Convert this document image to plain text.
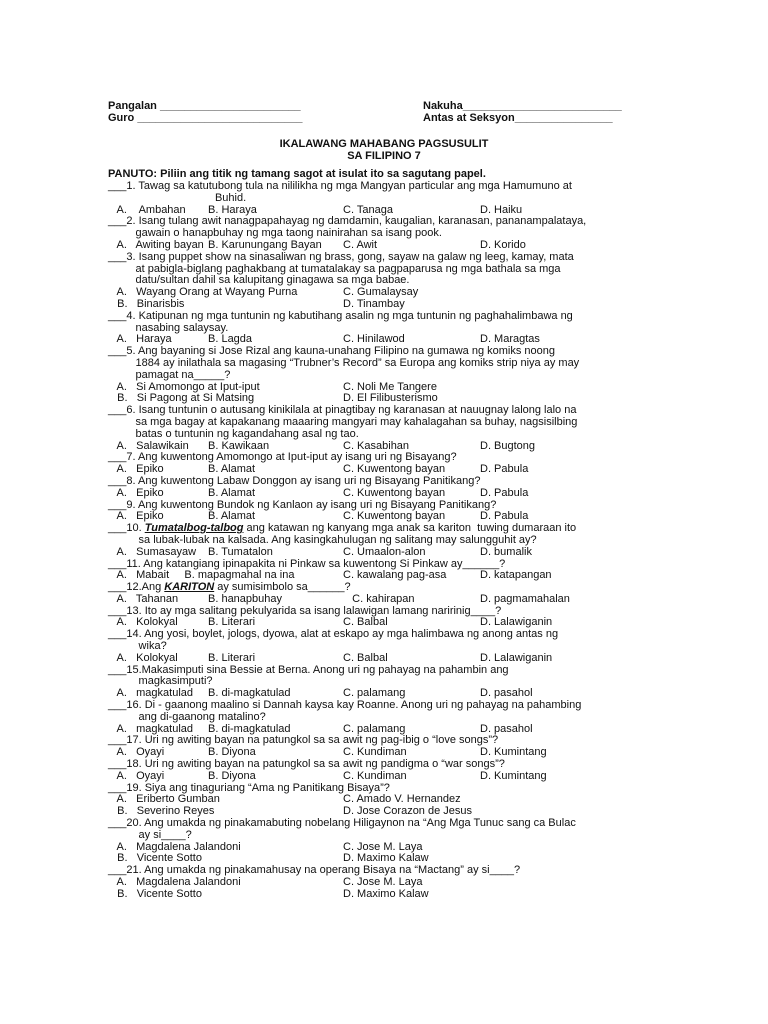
Pangalan _______________________	Nakuha__________________________
Guro ___________________________	Antas at Seksyon________________
IKALAWANG MAHABANG PAGSUSULIT
SA FILIPINO 7
PANUTO: Piliin ang titik ng tamang sagot at isulat ito sa sagutang papel.
___1. Tawag sa katutubong tula na nililikha ng mga Mangyan particular ang mga Hamumuno at
Buhid.
A.    Ambahan B. Haraya	C. Tanaga	D. Haiku
___2. Isang tulang awit nanagpapahayag ng damdamin, kaugalian, karanasan, pananampalataya,
gawain o hanapbuhay ng mga taong nainirahan sa isang pook.
A.   Awiting bayan B. Karunungang Bayan C. Awit	D. Korido
___3. Isang puppet show na sinasaliwan ng brass, gong, sayaw na galaw ng leeg, kamay, mata
at pabigla-biglang paghakbang at tumatalakay sa pagpaparusa ng mga bathala sa mga
datu/sultan dahil sa kalupitang ginagawa sa mga babae.
A.   Wayang Orang at Wayang Purna	C. Gumalaysay
B.   Binarisbis	D. Tinambay
___4. Katipunan ng mga tuntunin ng kabutihang asalin ng mga tuntunin ng paghahalimbawa ng
nasabing salaysay.
A.   Haraya	B. Lagda	C. Hinilawod	D. Maragtas
___5. Ang bayaning si Jose Rizal ang kauna-unahang Filipino na gumawa ng komiks noong
1884 ay inilathala sa magasing “Trubner’s Record” sa Europa ang komiks strip niya ay may
pamagat na_____?
A.   Si Amomongo at Iput-iput	C. Noli Me Tangere
B.   Si Pagong at Si Matsing	D. El Filibusterismo
___6. Isang tuntunin o autusang kinikilala at pinagtibay ng karanasan at nauugnay lalong lalo na
sa mga bagay at kapakanang maaaring mangyari may kahalagahan sa buhay, nagsisilbing
batas o tuntunin ng kagandahang asal ng tao.
A.   Salawikain B. Kawikaan	C. Kasabihan	D. Bugtong
___7. Ang kuwentong Amomongo at Iput-iput ay isang uri ng Bisayang?
A.   Epiko	B. Alamat	C. Kuwentong bayan	D. Pabula
___8. Ang kuwentong Labaw Donggon ay isang uri ng Bisayang Panitikang?
A.   Epiko	B. Alamat	C. Kuwentong bayan	D. Pabula
___9. Ang kuwentong Bundok ng Kanlaon ay isang uri ng Bisayang Panitikang?
A.   Epiko	B. Alamat	C. Kuwentong bayan	D. Pabula
___10. Tumatalbog-talbog ang katawan ng kanyang mga anak sa kariton  tuwing dumaraan ito
sa lubak-lubak na kalsada. Ang kasingkahulugan ng salitang may salungguhit ay?
A.   Sumasayaw B. Tumatalon	C. Umaalon-alon	D. bumalik
___11. Ang katangiang ipinapakita ni Pinkaw sa kuwentong Si Pinkaw ay______?
A.   Mabait     B. mapagmahal na ina	C. kawalang pag-asa	D. katapangan
___12.Ang KARITON ay sumisimbolo sa______?
A.   Tahanan	B. hanapbuhay	C. kahirapan	D. pagmamahalan
___13. Ito ay mga salitang pekulyarida sa isang lalawigan lamang naririnig____?
A.   Kolokyal	B. Literari	C. Balbal	D. Lalawiganin
___14. Ang yosi, boylet, jologs, dyowa, alat at eskapo ay mga halimbawa ng anong antas ng
wika?
A.   Kolokyal	B. Literari	C. Balbal	D. Lalawiganin
___15.Makasimputi sina Bessie at Berna. Anong uri ng pahayag na pahambin ang
magkasimputi?
A.   magkatulad B. di-magkatulad	C. palamang	D. pasahol
___16. Di - gaanong maalino si Dannah kaysa kay Roanne. Anong uri ng pahayag na pahambing
ang di-gaanong matalino?
A.   magkatulad B. di-magkatulad	C. palamang	D. pasahol
___17. Uri ng awiting bayan na patungkol sa sa awit ng pag-ibig o “love songs”?
A.   Oyayi	B. Diyona	C. Kundiman	D. Kumintang
___18. Uri ng awiting bayan na patungkol sa sa awit ng pandigma o “war songs”?
A.   Oyayi	B. Diyona	C. Kundiman	D. Kumintang
___19. Siya ang tinaguriang “Ama ng Panitikang Bisaya”?
A.   Eriberto Gumban	C. Amado V. Hernandez
B.   Severino Reyes	D. Jose Corazon de Jesus
___20. Ang umakda ng pinakamabuting nobelang Hiligaynon na “Ang Mga Tunuc sang ca Bulac
ay si____?
A.   Magdalena Jalandoni	C. Jose M. Laya
B.   Vicente Sotto	D. Maximo Kalaw
___21. Ang umakda ng pinakamahusay na operang Bisaya na “Mactang” ay si____?
A.   Magdalena Jalandoni	C. Jose M. Laya
B.   Vicente Sotto	D. Maximo Kalaw
